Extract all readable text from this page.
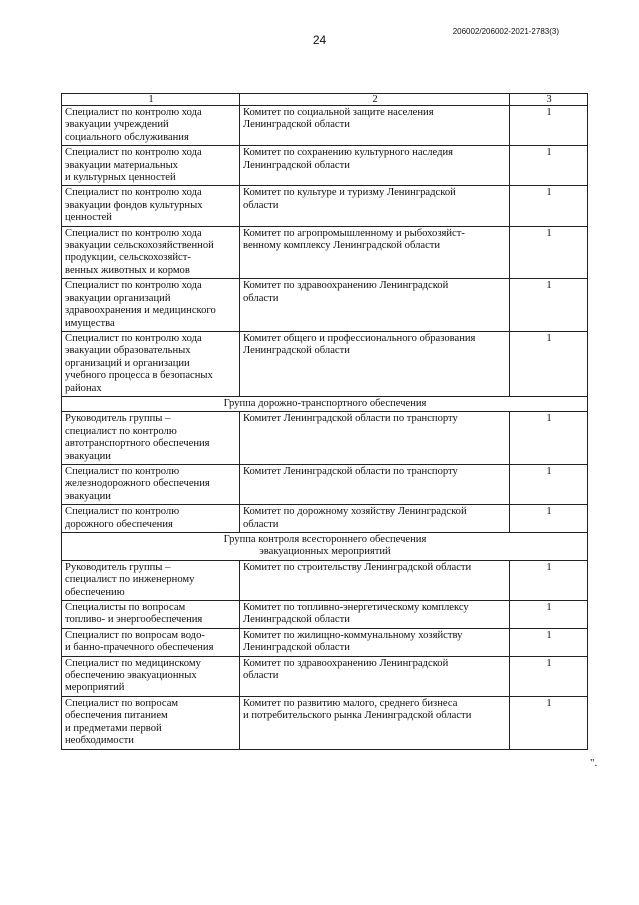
206002/206002-2021-2783(3)
24
1	2	3

Специалист по контролю хода
эвакуации учреждений
социального обслуживания	Комитет по социальной защите населения
Ленинградской области	1

Специалист по контролю хода
эвакуации материальных
и культурных ценностей	Комитет по сохранению культурного наследия
Ленинградской области	1

Специалист по контролю хода
эвакуации фондов культурных
ценностей	Комитет по культуре и туризму Ленинградской
области	1

Специалист по контролю хода
эвакуации сельскохозяйственной
продукции, сельскохозяйст-
венных животных и кормов	Комитет по агропромышленному и рыбохозяйст-
венному комплексу Ленинградской области	1

Специалист по контролю хода
эвакуации организаций
здравоохранения и медицинского
имущества	Комитет по здравоохранению Ленинградской
области	1

Специалист по контролю хода
эвакуации образовательных
организаций и организации
учебного процесса в безопасных
районах	Комитет общего и профессионального образования
Ленинградской области	1

Группа дорожно-транспортного обеспечения		

Руководитель группы –
специалист по контролю
автотранспортного обеспечения
эвакуации	Комитет Ленинградской области по транспорту	1

Специалист по контролю
железнодорожного обеспечения
эвакуации	Комитет Ленинградской области по транспорту	1

Специалист по контролю
дорожного обеспечения	Комитет по дорожному хозяйству Ленинградской
области	1

Группа контроля всестороннего обеспечения
эвакуационных мероприятий		

Руководитель группы –
специалист по инженерному
обеспечению	Комитет по строительству Ленинградской области	1

Специалисты по вопросам
топливо- и энергообеспечения	Комитет по топливно-энергетическому комплексу
Ленинградской области	1

Специалист по вопросам водо-
и банно-прачечного обеспечения	Комитет по жилищно-коммунальному хозяйству
Ленинградской области	1

Специалист по медицинскому
обеспечению эвакуационных
мероприятий	Комитет по здравоохранению Ленинградской
области	1

Специалист по вопросам
обеспечения питанием
и предметами первой
необходимости	Комитет по развитию малого, среднего бизнеса
и потребительского рынка Ленинградской области	1
".
